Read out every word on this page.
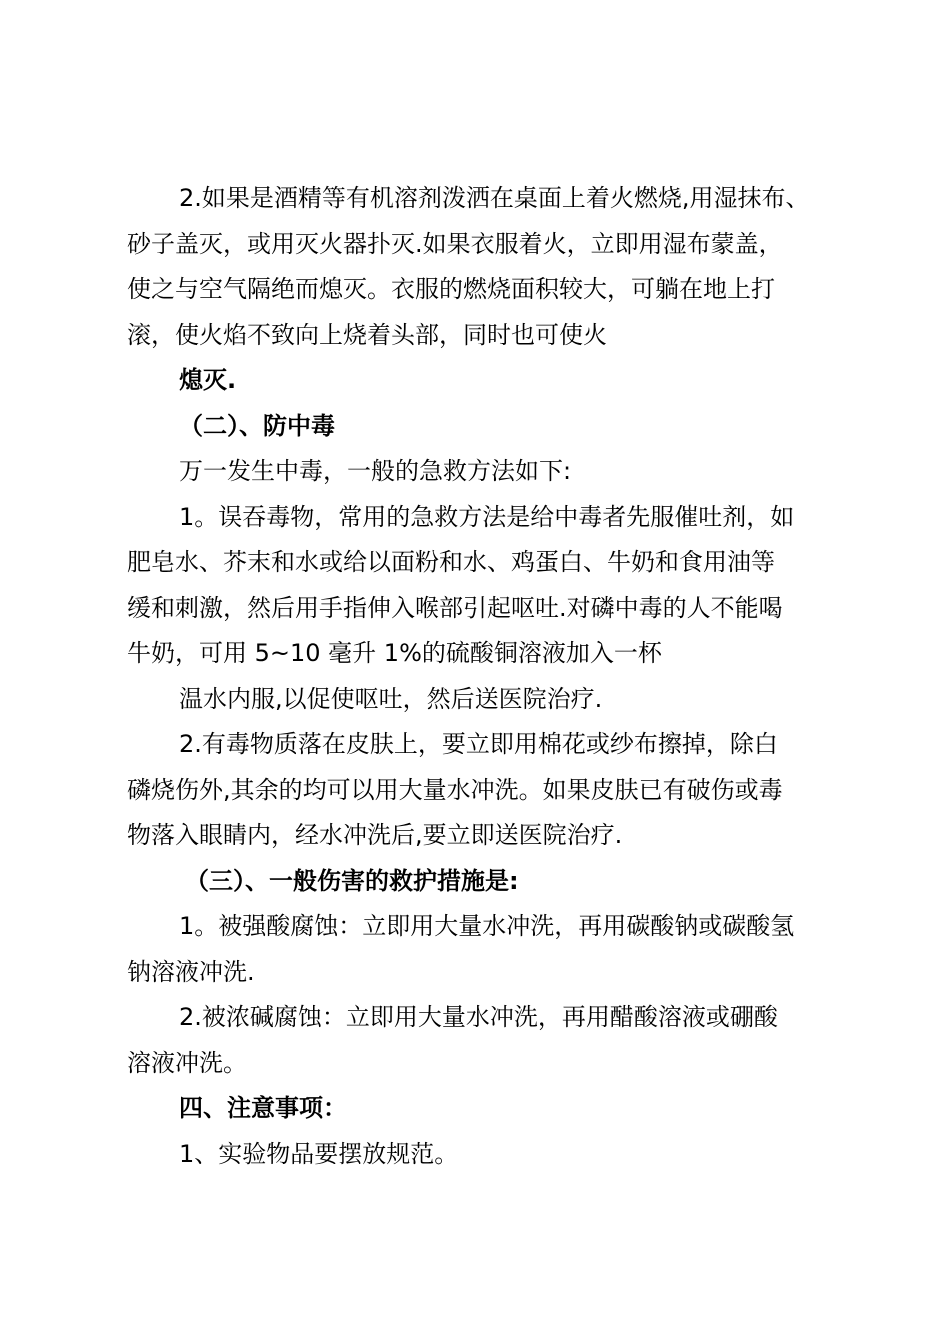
2.如果是酒精等有机溶剂泼洒在桌面上着火燃烧,用湿抹布、
砂子盖灭，或用灭火器扑灭.如果衣服着火，立即用湿布蒙盖，
使之与空气隔绝而熄灭。衣服的燃烧面积较大，可躺在地上打
滚，使火焰不致向上烧着头部，同时也可使火
熄灭.
（二）、防中毒
万一发生中毒，一般的急救方法如下:
1。误吞毒物，常用的急救方法是给中毒者先服催吐剂，如
肥皂水、芥末和水或给以面粉和水、鸡蛋白、牛奶和食用油等
缓和刺激，然后用手指伸入喉部引起呕吐.对磷中毒的人不能喝
牛奶，可用 5~10 毫升 1%的硫酸铜溶液加入一杯
温水内服,以促使呕吐，然后送医院治疗.
2.有毒物质落在皮肤上，要立即用棉花或纱布擦掉，除白
磷烧伤外,其余的均可以用大量水冲洗。如果皮肤已有破伤或毒
物落入眼睛内，经水冲洗后,要立即送医院治疗.
（三）、一般伤害的救护措施是:
1。被强酸腐蚀：立即用大量水冲洗，再用碳酸钠或碳酸氢
钠溶液冲洗.
2.被浓碱腐蚀：立即用大量水冲洗，再用醋酸溶液或硼酸
溶液冲洗。
四、注意事项：
1、实验物品要摆放规范。
